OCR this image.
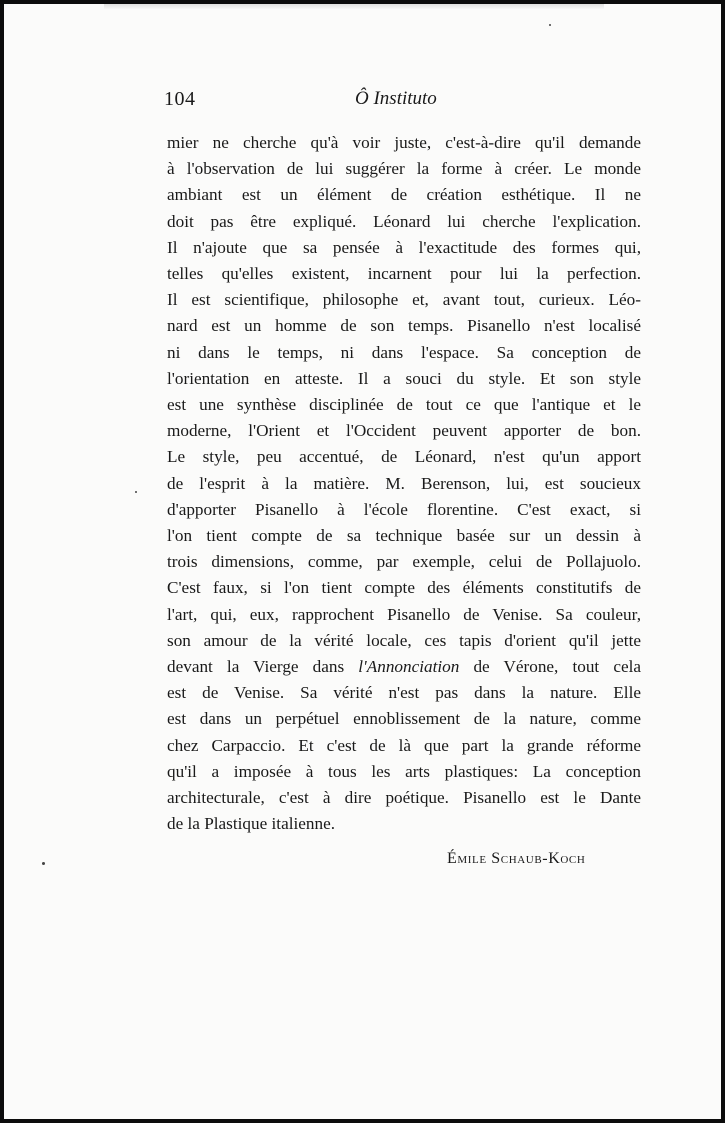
104	Ô Instituto
mier ne cherche qu'à voir juste, c'est-à-dire qu'il demande
à l'observation de lui suggérer la forme à créer. Le monde
ambiant est un élément de création esthétique. Il ne
doit pas être expliqué. Léonard lui cherche l'explication.
Il n'ajoute que sa pensée à l'exactitude des formes qui,
telles qu'elles existent, incarnent pour lui la perfection.
Il est scientifique, philosophe et, avant tout, curieux. Léo-
nard est un homme de son temps. Pisanello n'est localisé
ni dans le temps, ni dans l'espace. Sa conception de
l'orientation en atteste. Il a souci du style. Et son style
est une synthèse disciplinée de tout ce que l'antique et le
moderne, l'Orient et l'Occident peuvent apporter de bon.
Le style, peu accentué, de Léonard, n'est qu'un apport
de l'esprit à la matière. M. Berenson, lui, est soucieux
d'apporter Pisanello à l'école florentine. C'est exact, si
l'on tient compte de sa technique basée sur un dessin à
trois dimensions, comme, par exemple, celui de Pollajuolo.
C'est faux, si l'on tient compte des éléments constitutifs de
l'art, qui, eux, rapprochent Pisanello de Venise. Sa couleur,
son amour de la vérité locale, ces tapis d'orient qu'il jette
devant la Vierge dans l'Annonciation de Vérone, tout cela
est de Venise. Sa vérité n'est pas dans la nature. Elle
est dans un perpétuel ennoblissement de la nature, comme
chez Carpaccio. Et c'est de là que part la grande réforme
qu'il a imposée à tous les arts plastiques: La conception
architecturale, c'est à dire poétique. Pisanello est le Dante
de la Plastique italienne.
Émile Schaub-Koch
